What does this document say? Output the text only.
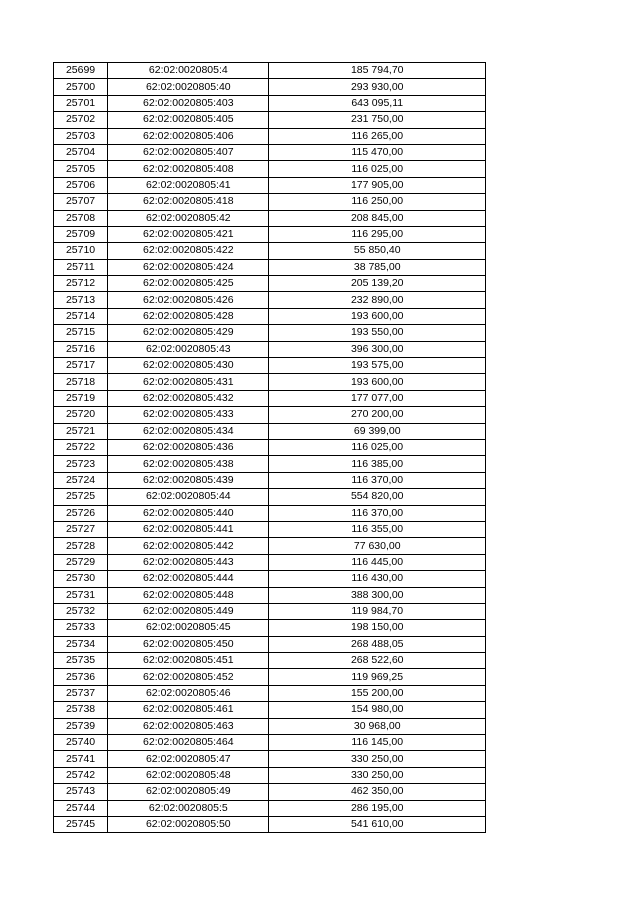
25699	62:02:0020805:4	185 794,70
25700	62:02:0020805:40	293 930,00
25701	62:02:0020805:403	643 095,11
25702	62:02:0020805:405	231 750,00
25703	62:02:0020805:406	116 265,00
25704	62:02:0020805:407	115 470,00
25705	62:02:0020805:408	116 025,00
25706	62:02:0020805:41	177 905,00
25707	62:02:0020805:418	116 250,00
25708	62:02:0020805:42	208 845,00
25709	62:02:0020805:421	116 295,00
25710	62:02:0020805:422	55 850,40
25711	62:02:0020805:424	38 785,00
25712	62:02:0020805:425	205 139,20
25713	62:02:0020805:426	232 890,00
25714	62:02:0020805:428	193 600,00
25715	62:02:0020805:429	193 550,00
25716	62:02:0020805:43	396 300,00
25717	62:02:0020805:430	193 575,00
25718	62:02:0020805:431	193 600,00
25719	62:02:0020805:432	177 077,00
25720	62:02:0020805:433	270 200,00
25721	62:02:0020805:434	69 399,00
25722	62:02:0020805:436	116 025,00
25723	62:02:0020805:438	116 385,00
25724	62:02:0020805:439	116 370,00
25725	62:02:0020805:44	554 820,00
25726	62:02:0020805:440	116 370,00
25727	62:02:0020805:441	116 355,00
25728	62:02:0020805:442	77 630,00
25729	62:02:0020805:443	116 445,00
25730	62:02:0020805:444	116 430,00
25731	62:02:0020805:448	388 300,00
25732	62:02:0020805:449	119 984,70
25733	62:02:0020805:45	198 150,00
25734	62:02:0020805:450	268 488,05
25735	62:02:0020805:451	268 522,60
25736	62:02:0020805:452	119 969,25
25737	62:02:0020805:46	155 200,00
25738	62:02:0020805:461	154 980,00
25739	62:02:0020805:463	30 968,00
25740	62:02:0020805:464	116 145,00
25741	62:02:0020805:47	330 250,00
25742	62:02:0020805:48	330 250,00
25743	62:02:0020805:49	462 350,00
25744	62:02:0020805:5	286 195,00
25745	62:02:0020805:50	541 610,00
